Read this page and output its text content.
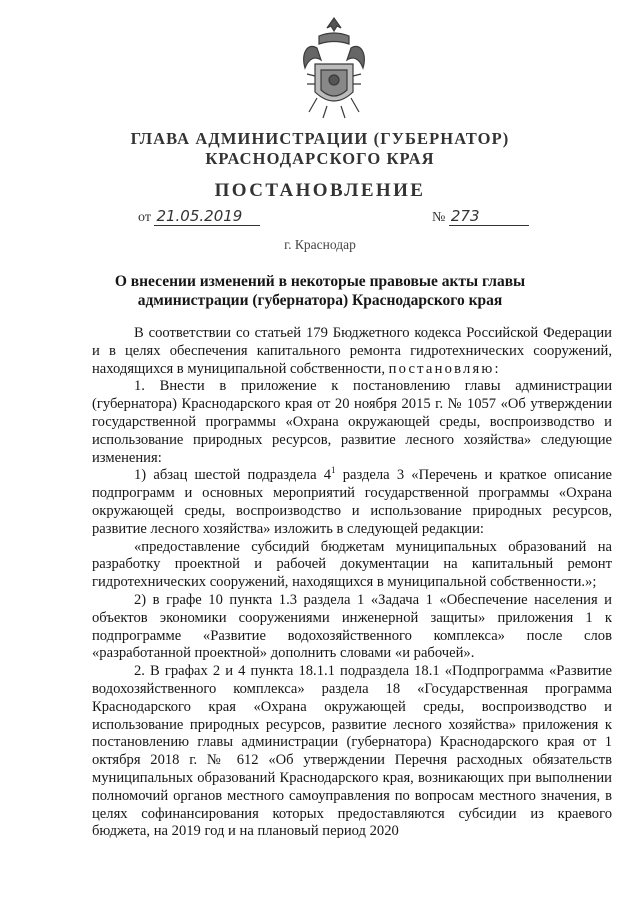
ГЛАВА АДМИНИСТРАЦИИ (ГУБЕРНАТОР)
КРАСНОДАРСКОГО КРАЯ
ПОСТАНОВЛЕНИЕ
от 21.05.2019	№ 273
г. Краснодар
О внесении изменений в некоторые правовые акты главы
администрации (губернатора) Краснодарского края

В соответствии со статьей 179 Бюджетного кодекса Российской Федерации и в целях обеспечения капитального ремонта гидротехнических сооружений, находящихся в муниципальной собственности, постановляю:

1. Внести в приложение к постановлению главы администрации (губернатора) Краснодарского края от 20 ноября 2015 г. № 1057 «Об утверждении государственной программы «Охрана окружающей среды, воспроизводство и использование природных ресурсов, развитие лесного хозяйства» следующие изменения:

1) абзац шестой подраздела $4^1$ раздела 3 «Перечень и краткое описание подпрограмм и основных мероприятий государственной программы «Охрана окружающей среды, воспроизводство и использование природных ресурсов, развитие лесного хозяйства» изложить в следующей редакции:

«предоставление субсидий бюджетам муниципальных образований на разработку проектной и рабочей документации на капитальный ремонт гидротехнических сооружений, находящихся в муниципальной собственности.»;

2) в графе 10 пункта 1.3 раздела 1 «Задача 1 «Обеспечение населения и объектов экономики сооружениями инженерной защиты» приложения 1 к подпрограмме «Развитие водохозяйственного комплекса» после слов «разработанной проектной» дополнить словами «и рабочей».

2. В графах 2 и 4 пункта 18.1.1 подраздела 18.1 «Подпрограмма «Развитие водохозяйственного комплекса» раздела 18 «Государственная программа Краснодарского края «Охрана окружающей среды, воспроизводство и использование природных ресурсов, развитие лесного хозяйства» приложения к постановлению главы администрации (губернатора) Краснодарского края от 1 октября 2018 г. № 612 «Об утверждении Перечня расходных обязательств муниципальных образований Краснодарского края, возникающих при выполнении полномочий органов местного самоуправления по вопросам местного значения, в целях софинансирования которых предоставляются субсидии из краевого бюджета, на 2019 год и на плановый период 2020
